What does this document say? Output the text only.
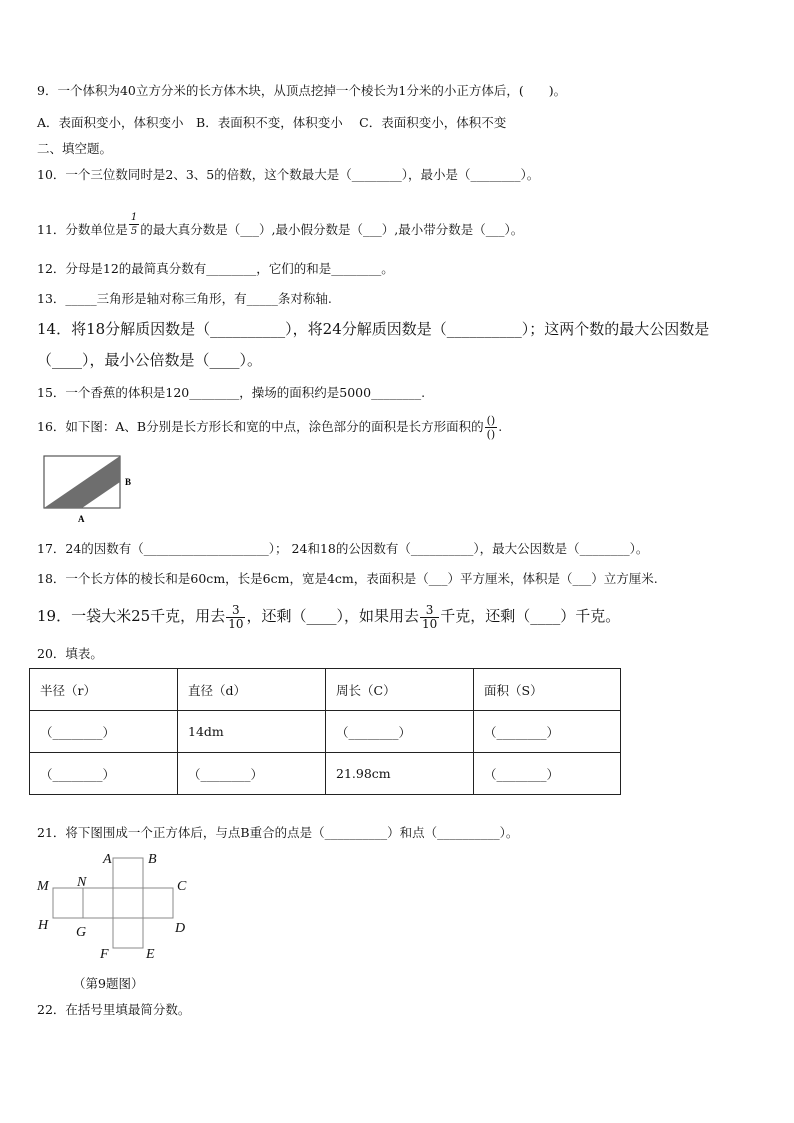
9．一个体积为40立方分米的长方体木块，从顶点挖掉一个棱长为1分米的小正方体后，(　　)。
A．表面积变小，体积变小　B．表面积不变，体积变小　 C．表面积变小，体积不变
二、填空题。
10．一个三位数同时是2、3、5的倍数，这个数最大是（________），最小是（________）。
11．分数单位是 $\frac{1}{5}$ 的最大真分数是（___）,最小假分数是（___）,最小带分数是（___）。
12．分母是12的最简真分数有________，它们的和是________。
13．_____三角形是轴对称三角形，有_____条对称轴.
14．将18分解质因数是（__________），将24分解质因数是（__________）；这两个数的最大公因数是
（____），最小公倍数是（____）。
15．一个香蕉的体积是120________，操场的面积约是5000________.
16．如下图：A、B分别是长方形长和宽的中点，涂色部分的面积是长方形面积的 $\frac{()}{()}$ .
B
A
17．24的因数有（____________________）； 24和18的公因数有（__________），最大公因数是（________）。
18．一个长方体的棱长和是60cm，长是6cm，宽是4cm，表面积是（___）平方厘米，体积是（___）立方厘米.
19．一袋大米25千克，用去 $\frac{3}{10}$ ，还剩（____），如果用去 $\frac{3}{10}$ 千克，还剩（____）千克。
20．填表。
半径（r）	直径（d）	周长（C）	面积（S）
（________）	14dm	（________）	（________）
（________）	（________）	21.98cm	（________）
21．将下图围成一个正方体后，与点B重合的点是（__________）和点（__________）。
A	B
M N	C
H G	D
F	E
（第9题图）
22．在括号里填最简分数。
